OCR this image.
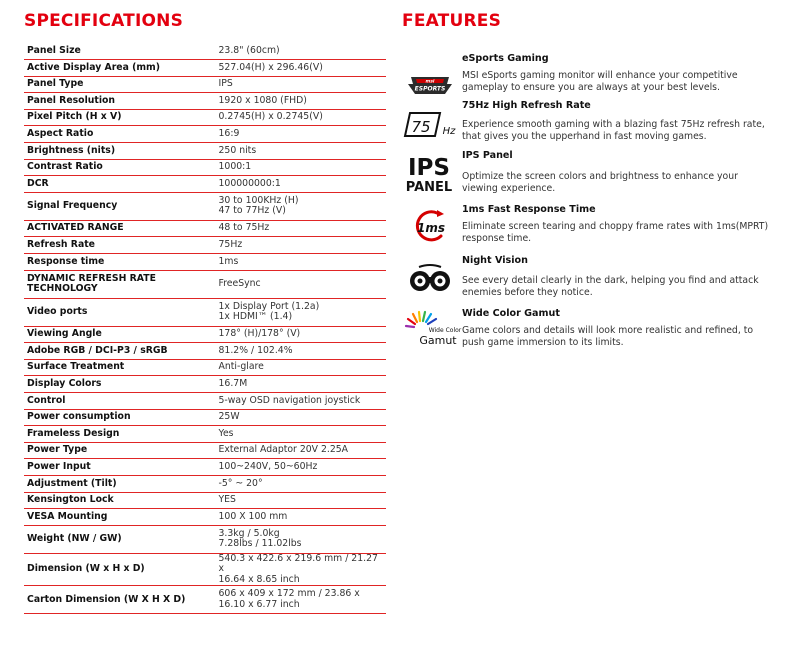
SPECIFICATIONS	FEATURES
Panel Size	23.8" (60cm)

Active Display Area (mm)	527.04(H) x 296.46(V)

Panel Type	IPS

Panel Resolution	1920 x 1080 (FHD)

Pixel Pitch (H x V)	0.2745(H) x 0.2745(V)

Aspect Ratio	16:9

Brightness (nits)	250 nits

Contrast Ratio	1000:1

DCR	100000000:1

Signal Frequency	30 to 100KHz (H)
47 to 77Hz (V)

ACTIVATED RANGE	48 to 75Hz

Refresh Rate	75Hz

Response time	1ms

DYNAMIC REFRESH RATE
TECHNOLOGY	FreeSync

Video ports	1x Display Port (1.2a)
1x HDMI™ (1.4)

Viewing Angle	178° (H)/178° (V)

Adobe RGB / DCI-P3 / sRGB	81.2% / 102.4%

Surface Treatment	Anti-glare

Display Colors	16.7M

Control	5-way OSD navigation joystick

Power consumption	25W

Frameless Design	Yes

Power Type	External Adaptor 20V 2.25A

Power Input	100~240V, 50~60Hz

Adjustment (Tilt)	-5° ~ 20°

Kensington Lock	YES

VESA Mounting	100 X 100 mm

Weight (NW / GW)	3.3kg / 5.0kg
7.28lbs / 11.02lbs

Dimension (W x H x D)	540.3 x 422.6 x 219.6 mm / 21.27 x
16.64 x 8.65 inch

Carton Dimension (W X H X D)	606 x 409 x 172 mm / 23.86 x
16.10 x 6.77 inch
msi
ESPORTS
eSports Gaming
MSI eSports gaming monitor will enhance your competitive
gameplay to ensure you are always at your best levels.
75 Hz
75Hz High Refresh Rate
Experience smooth gaming with a blazing fast 75Hz refresh rate,
that gives you the upperhand in fast moving games.
IPS
PANEL
IPS Panel
Optimize the screen colors and brightness to enhance your
viewing experience.
1ms
1ms Fast Response Time
Eliminate screen tearing and choppy frame rates with 1ms(MPRT)
response time.
Night Vision
See every detail clearly in the dark, helping you find and attack
enemies before they notice.
Wide Color
Gamut
Wide Color Gamut
Game colors and details will look more realistic and refined, to
push game immersion to its limits.
